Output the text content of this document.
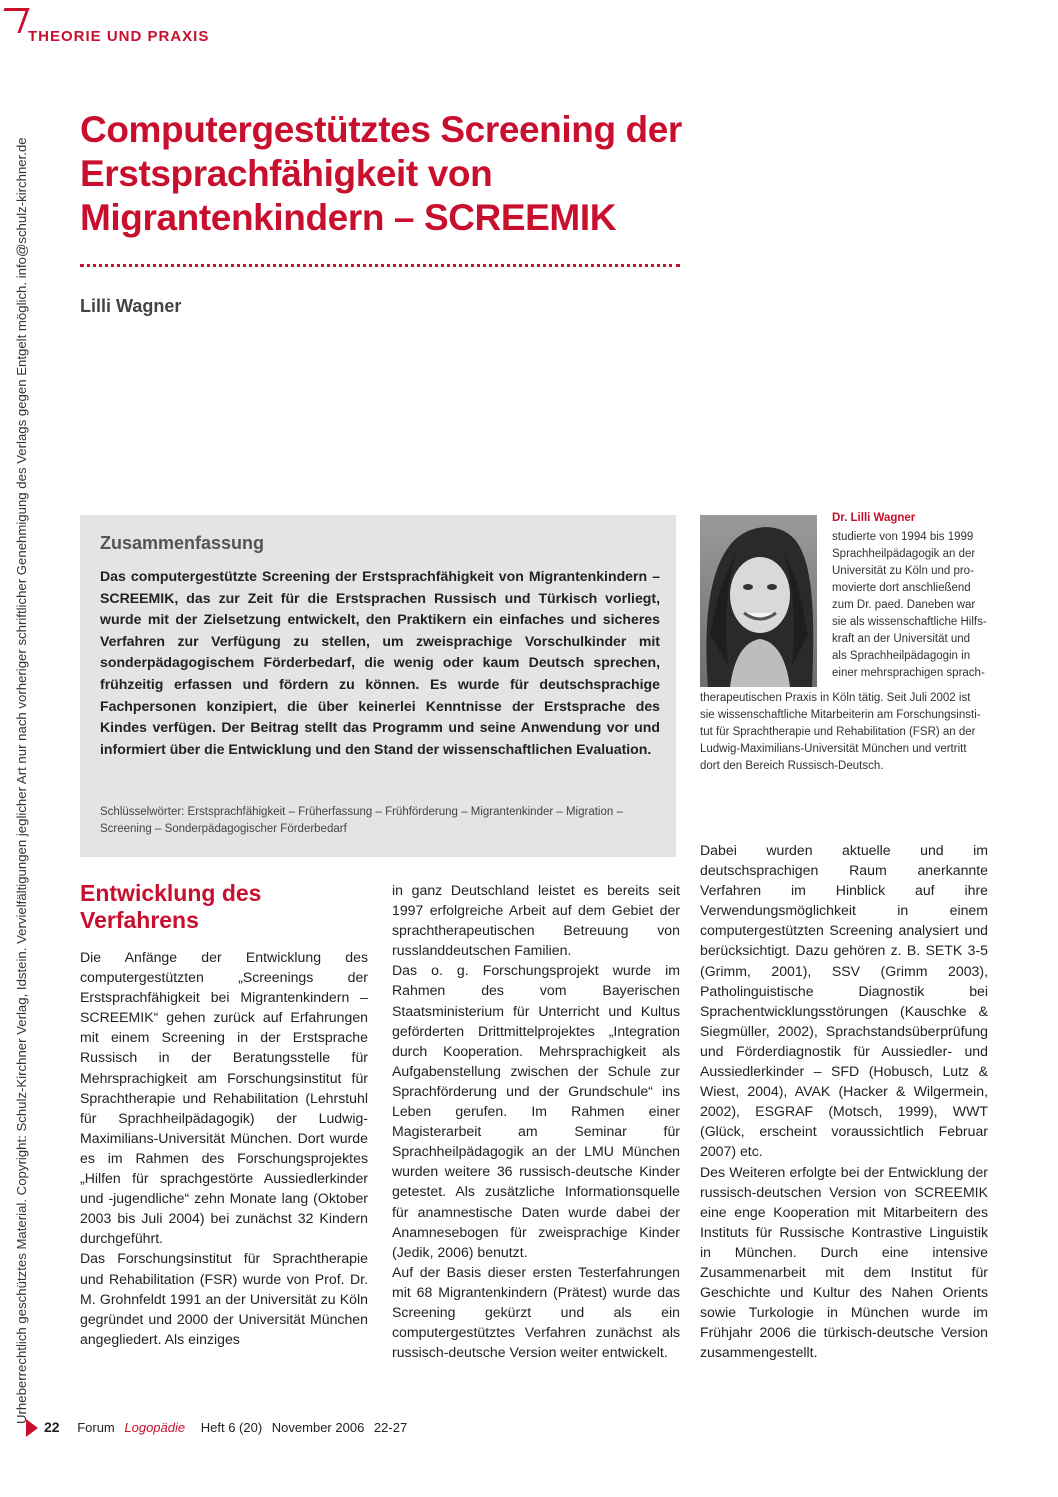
THEORIE UND PRAXIS
Urheberrechtlich geschütztes Material. Copyright: Schulz-Kirchner Verlag, Idstein. Vervielfältigungen jeglicher Art nur nach vorheriger schriftlicher Genehmigung des Verlags gegen Entgelt möglich. info@schulz-kirchner.de
Computergestütztes Screening der Erstsprachfähigkeit von Migrantenkindern – SCREEMIK
Lilli Wagner
Zusammenfassung

Das computergestützte Screening der Erstsprachfähigkeit von Migrantenkindern – SCREEMIK, das zur Zeit für die Erstsprachen Russisch und Türkisch vorliegt, wurde mit der Zielsetzung entwickelt, den Praktikern ein einfaches und sicheres Verfahren zur Verfügung zu stellen, um zweisprachige Vorschulkinder mit sonderpädagogischem Förderbedarf, die wenig oder kaum Deutsch sprechen, frühzeitig erfassen und fördern zu können. Es wurde für deutschsprachige Fachpersonen konzipiert, die über keinerlei Kenntnisse der Erstsprache des Kindes verfügen. Der Beitrag stellt das Programm und seine Anwendung vor und informiert über die Entwicklung und den Stand der wissenschaftlichen Evaluation.

Schlüsselwörter: Erstsprachfähigkeit – Früherfassung – Frühförderung – Migrantenkinder – Migration – Screening – Sonderpädagogischer Förderbedarf

Dr. Lilli Wagner
studierte von 1994 bis 1999
Sprachheilpädagogik an der
Universität zu Köln und pro-
movierte dort anschließend
zum Dr. paed. Daneben war
sie als wissenschaftliche Hilfs-
kraft an der Universität und
als Sprachheilpädagogin in
einer mehrsprachigen sprach-
therapeutischen Praxis in Köln tätig. Seit Juli 2002 ist
sie wissenschaftliche Mitarbeiterin am Forschungsinsti-
tut für Sprachtherapie und Rehabilitation (FSR) an der
Ludwig-Maximilians-Universität München und vertritt
dort den Bereich Russisch-Deutsch.
Entwicklung des Verfahrens

Die Anfänge der Entwicklung des computergestützten „Screenings der Erstsprachfähigkeit bei Migrantenkindern – SCREEMIK“ gehen zurück auf Erfahrungen mit einem Screening in der Erstsprache Russisch in der Beratungsstelle für Mehrsprachigkeit am Forschungsinstitut für Sprachtherapie und Rehabilitation (Lehrstuhl für Sprachheilpädagogik) der Ludwig-Maximilians-Universität München. Dort wurde es im Rahmen des Forschungsprojektes „Hilfen für sprachgestörte Aussiedlerkinder und -jugendliche“ zehn Monate lang (Oktober 2003 bis Juli 2004) bei zunächst 32 Kindern durchgeführt.

Das Forschungsinstitut für Sprachtherapie und Rehabilitation (FSR) wurde von Prof. Dr. M. Grohnfeldt 1991 an der Universität zu Köln gegründet und 2000 der Universität München angegliedert. Als einziges

in ganz Deutschland leistet es bereits seit 1997 erfolgreiche Arbeit auf dem Gebiet der sprachtherapeutischen Betreuung von russlanddeutschen Familien.

Das o. g. Forschungsprojekt wurde im Rahmen des vom Bayerischen Staatsministerium für Unterricht und Kultus geförderten Drittmittelprojektes „Integration durch Kooperation. Mehrsprachigkeit als Aufgabenstellung zwischen der Schule zur Sprachförderung und der Grundschule“ ins Leben gerufen. Im Rahmen einer Magisterarbeit am Seminar für Sprachheilpädagogik an der LMU München wurden weitere 36 russisch-deutsche Kinder getestet. Als zusätzliche Informationsquelle für anamnestische Daten wurde dabei der Anamnesebogen für zweisprachige Kinder (Jedik, 2006) benutzt.

Auf der Basis dieser ersten Testerfahrungen mit 68 Migrantenkindern (Prätest) wurde das Screening gekürzt und als ein computergestütztes Verfahren zunächst als russisch-deutsche Version weiter entwickelt.

Dabei wurden aktuelle und im deutschsprachigen Raum anerkannte Verfahren im Hinblick auf ihre Verwendungsmöglichkeit in einem computergestützten Screening analysiert und berücksichtigt. Dazu gehören z. B. SETK 3-5 (Grimm, 2001), SSV (Grimm 2003), Patholinguistische Diagnostik bei Sprachentwicklungsstörungen (Kauschke & Siegmüller, 2002), Sprachstandsüberprüfung und Förderdiagnostik für Aussiedler- und Aussiedlerkinder – SFD (Hobusch, Lutz & Wiest, 2004), AVAK (Hacker & Wilgermein, 2002), ESGRAF (Motsch, 1999), WWT (Glück, erscheint voraussichtlich Februar 2007) etc.

Des Weiteren erfolgte bei der Entwicklung der russisch-deutschen Version von SCREEMIK eine enge Kooperation mit Mitarbeitern des Instituts für Russische Kontrastive Linguistik in München. Durch eine intensive Zusammenarbeit mit dem Institut für Geschichte und Kultur des Nahen Orients sowie Turkologie in München wurde im Frühjahr 2006 die türkisch-deutsche Version zusammengestellt.

22 Forum Logopädie Heft 6 (20) November 2006 22-27
